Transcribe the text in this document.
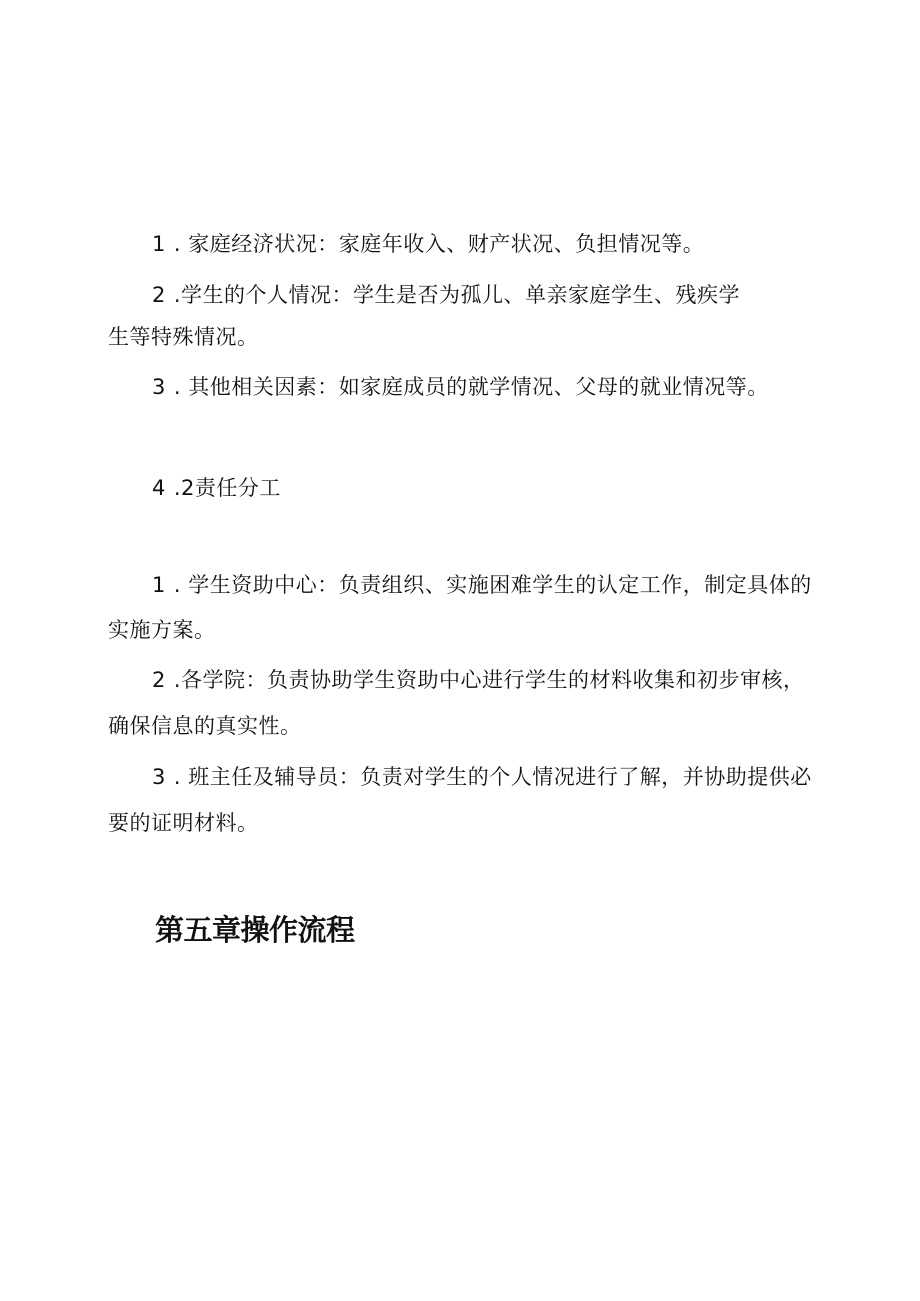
1 . 家庭经济状况：家庭年收入、财产状况、负担情况等。
2 .学生的个人情况：学生是否为孤儿、单亲家庭学生、残疾学
生等特殊情况。
3 . 其他相关因素：如家庭成员的就学情况、父母的就业情况等。
4 .2责任分工
1 . 学生资助中心：负责组织、实施困难学生的认定工作，制定具体的
实施方案。
2 .各学院：负责协助学生资助中心进行学生的材料收集和初步审核，
确保信息的真实性。
3 . 班主任及辅导员：负责对学生的个人情况进行了解，并协助提供必
要的证明材料。
第五章操作流程
